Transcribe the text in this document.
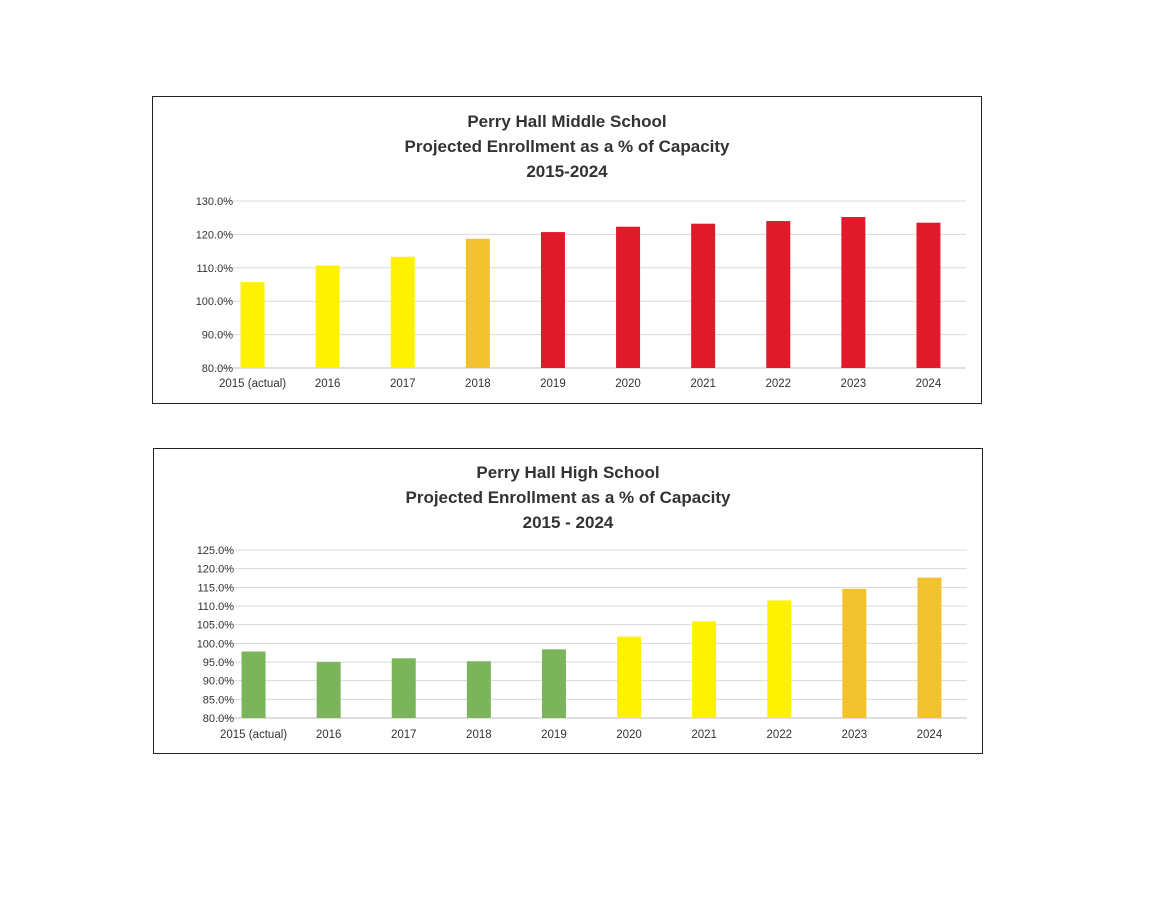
Perry Hall Middle School
Projected Enrollment as a % of Capacity
2015-2024
80.0%
90.0%
100.0%
110.0%
120.0%
130.0%
2015 (actual) 2016	2017	2018	2019	2020	2021	2022	2023	2024
Perry Hall High School
Projected Enrollment as a % of Capacity
2015 - 2024
80.0%
85.0%
90.0%
95.0%
100.0%
105.0%
110.0%
115.0%
120.0%
125.0%
2015 (actual) 2016	2017	2018	2019	2020	2021	2022	2023	2024
